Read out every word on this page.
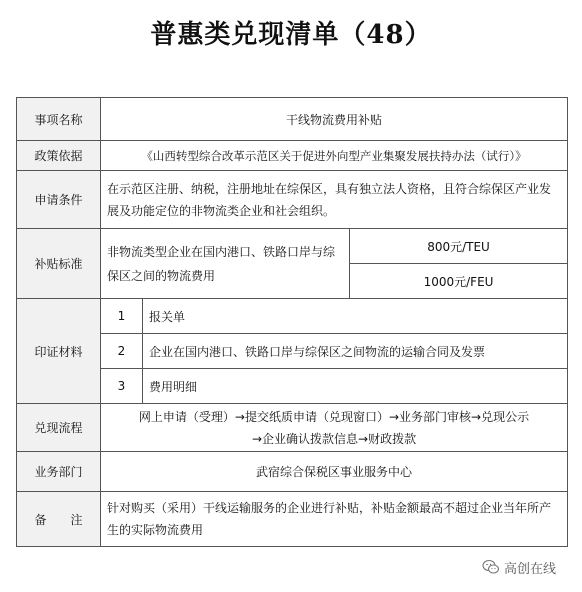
普惠类兑现清单（48）
事项名称	干线物流费用补贴		
政策依据	《山西转型综合改革示范区关于促进外向型产业集聚发展扶持办法（试行）》		
申请条件	在示范区注册、纳税，注册地址在综保区，具有独立法人资格，且符合综保区产业发展及功能定位的非物流类企业和社会组织。		
补贴标准	非物流类型企业在国内港口、铁路口岸与综保区之间的物流费用		800元/TEU
			1000元/FEU
印证材料	1	报关单	
	2	企业在国内港口、铁路口岸与综保区之间物流的运输合同及发票	
	3	费用明细	
兑现流程	网上申请（受理）→提交纸质申请（兑现窗口）→业务部门审核→兑现公示
→企业确认拨款信息→财政拨款		

业务部门	武宿综合保税区事业服务中心		
备　　注	针对购买（采用）干线运输服务的企业进行补贴，补贴金额最高不超过企业当年所产生的实际物流费用		
高创在线
